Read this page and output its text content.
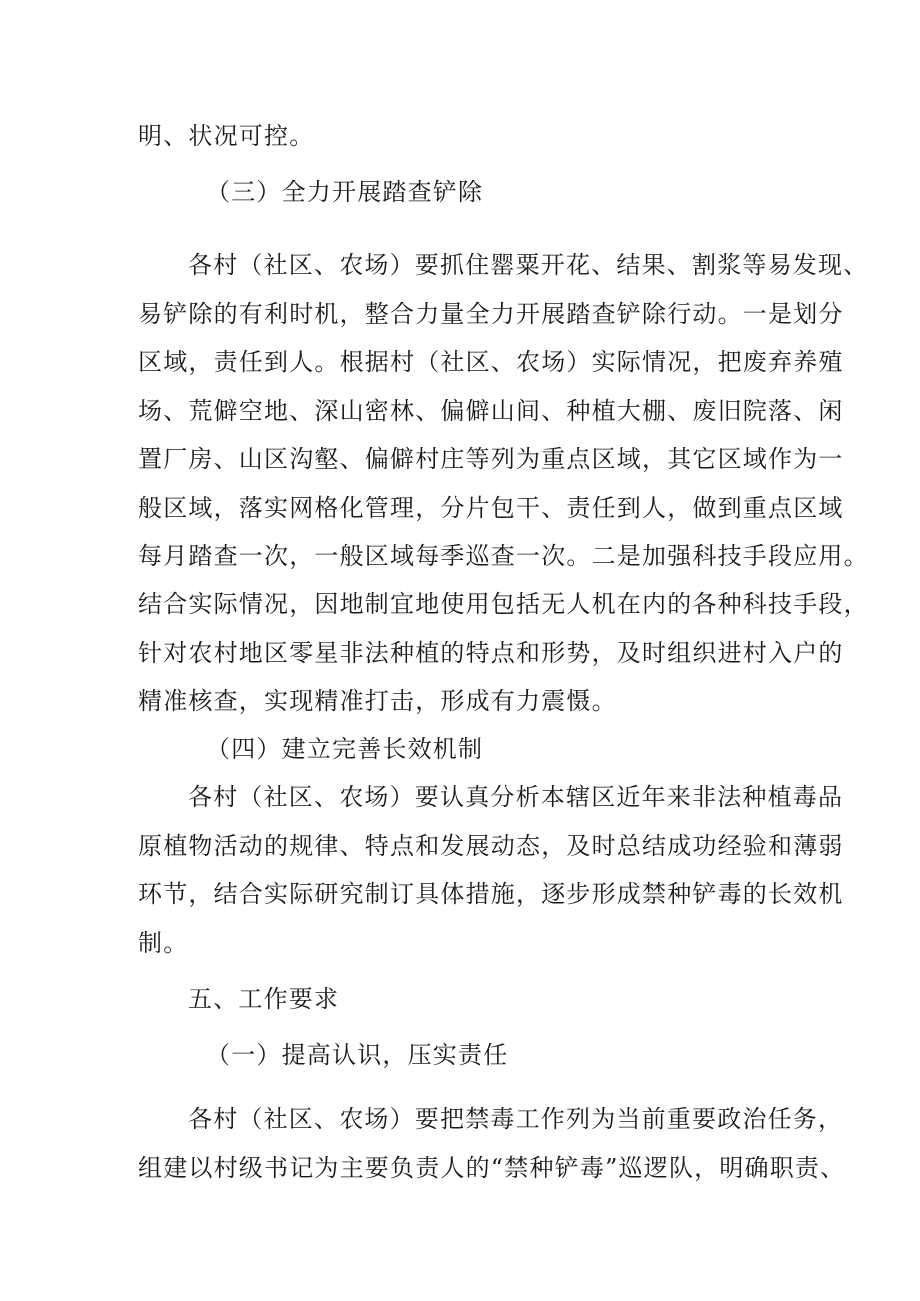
明、状况可控。
（三）全力开展踏查铲除
各村（社区、农场）要抓住罂粟开花、结果、割浆等易发现、
易铲除的有利时机，整合力量全力开展踏查铲除行动。一是划分
区域，责任到人。根据村（社区、农场）实际情况，把废弃养殖
场、荒僻空地、深山密林、偏僻山间、种植大棚、废旧院落、闲
置厂房、山区沟壑、偏僻村庄等列为重点区域，其它区域作为一
般区域，落实网格化管理，分片包干、责任到人，做到重点区域
每月踏查一次，一般区域每季巡查一次。二是加强科技手段应用。
结合实际情况，因地制宜地使用包括无人机在内的各种科技手段，
针对农村地区零星非法种植的特点和形势，及时组织进村入户的
精准核查，实现精准打击，形成有力震慑。
（四）建立完善长效机制
各村（社区、农场）要认真分析本辖区近年来非法种植毒品
原植物活动的规律、特点和发展动态，及时总结成功经验和薄弱
环节，结合实际研究制订具体措施，逐步形成禁种铲毒的长效机
制。
五、工作要求
（一）提高认识，压实责任
各村（社区、农场）要把禁毒工作列为当前重要政治任务，
组建以村级书记为主要负责人的“禁种铲毒”巡逻队，明确职责、
